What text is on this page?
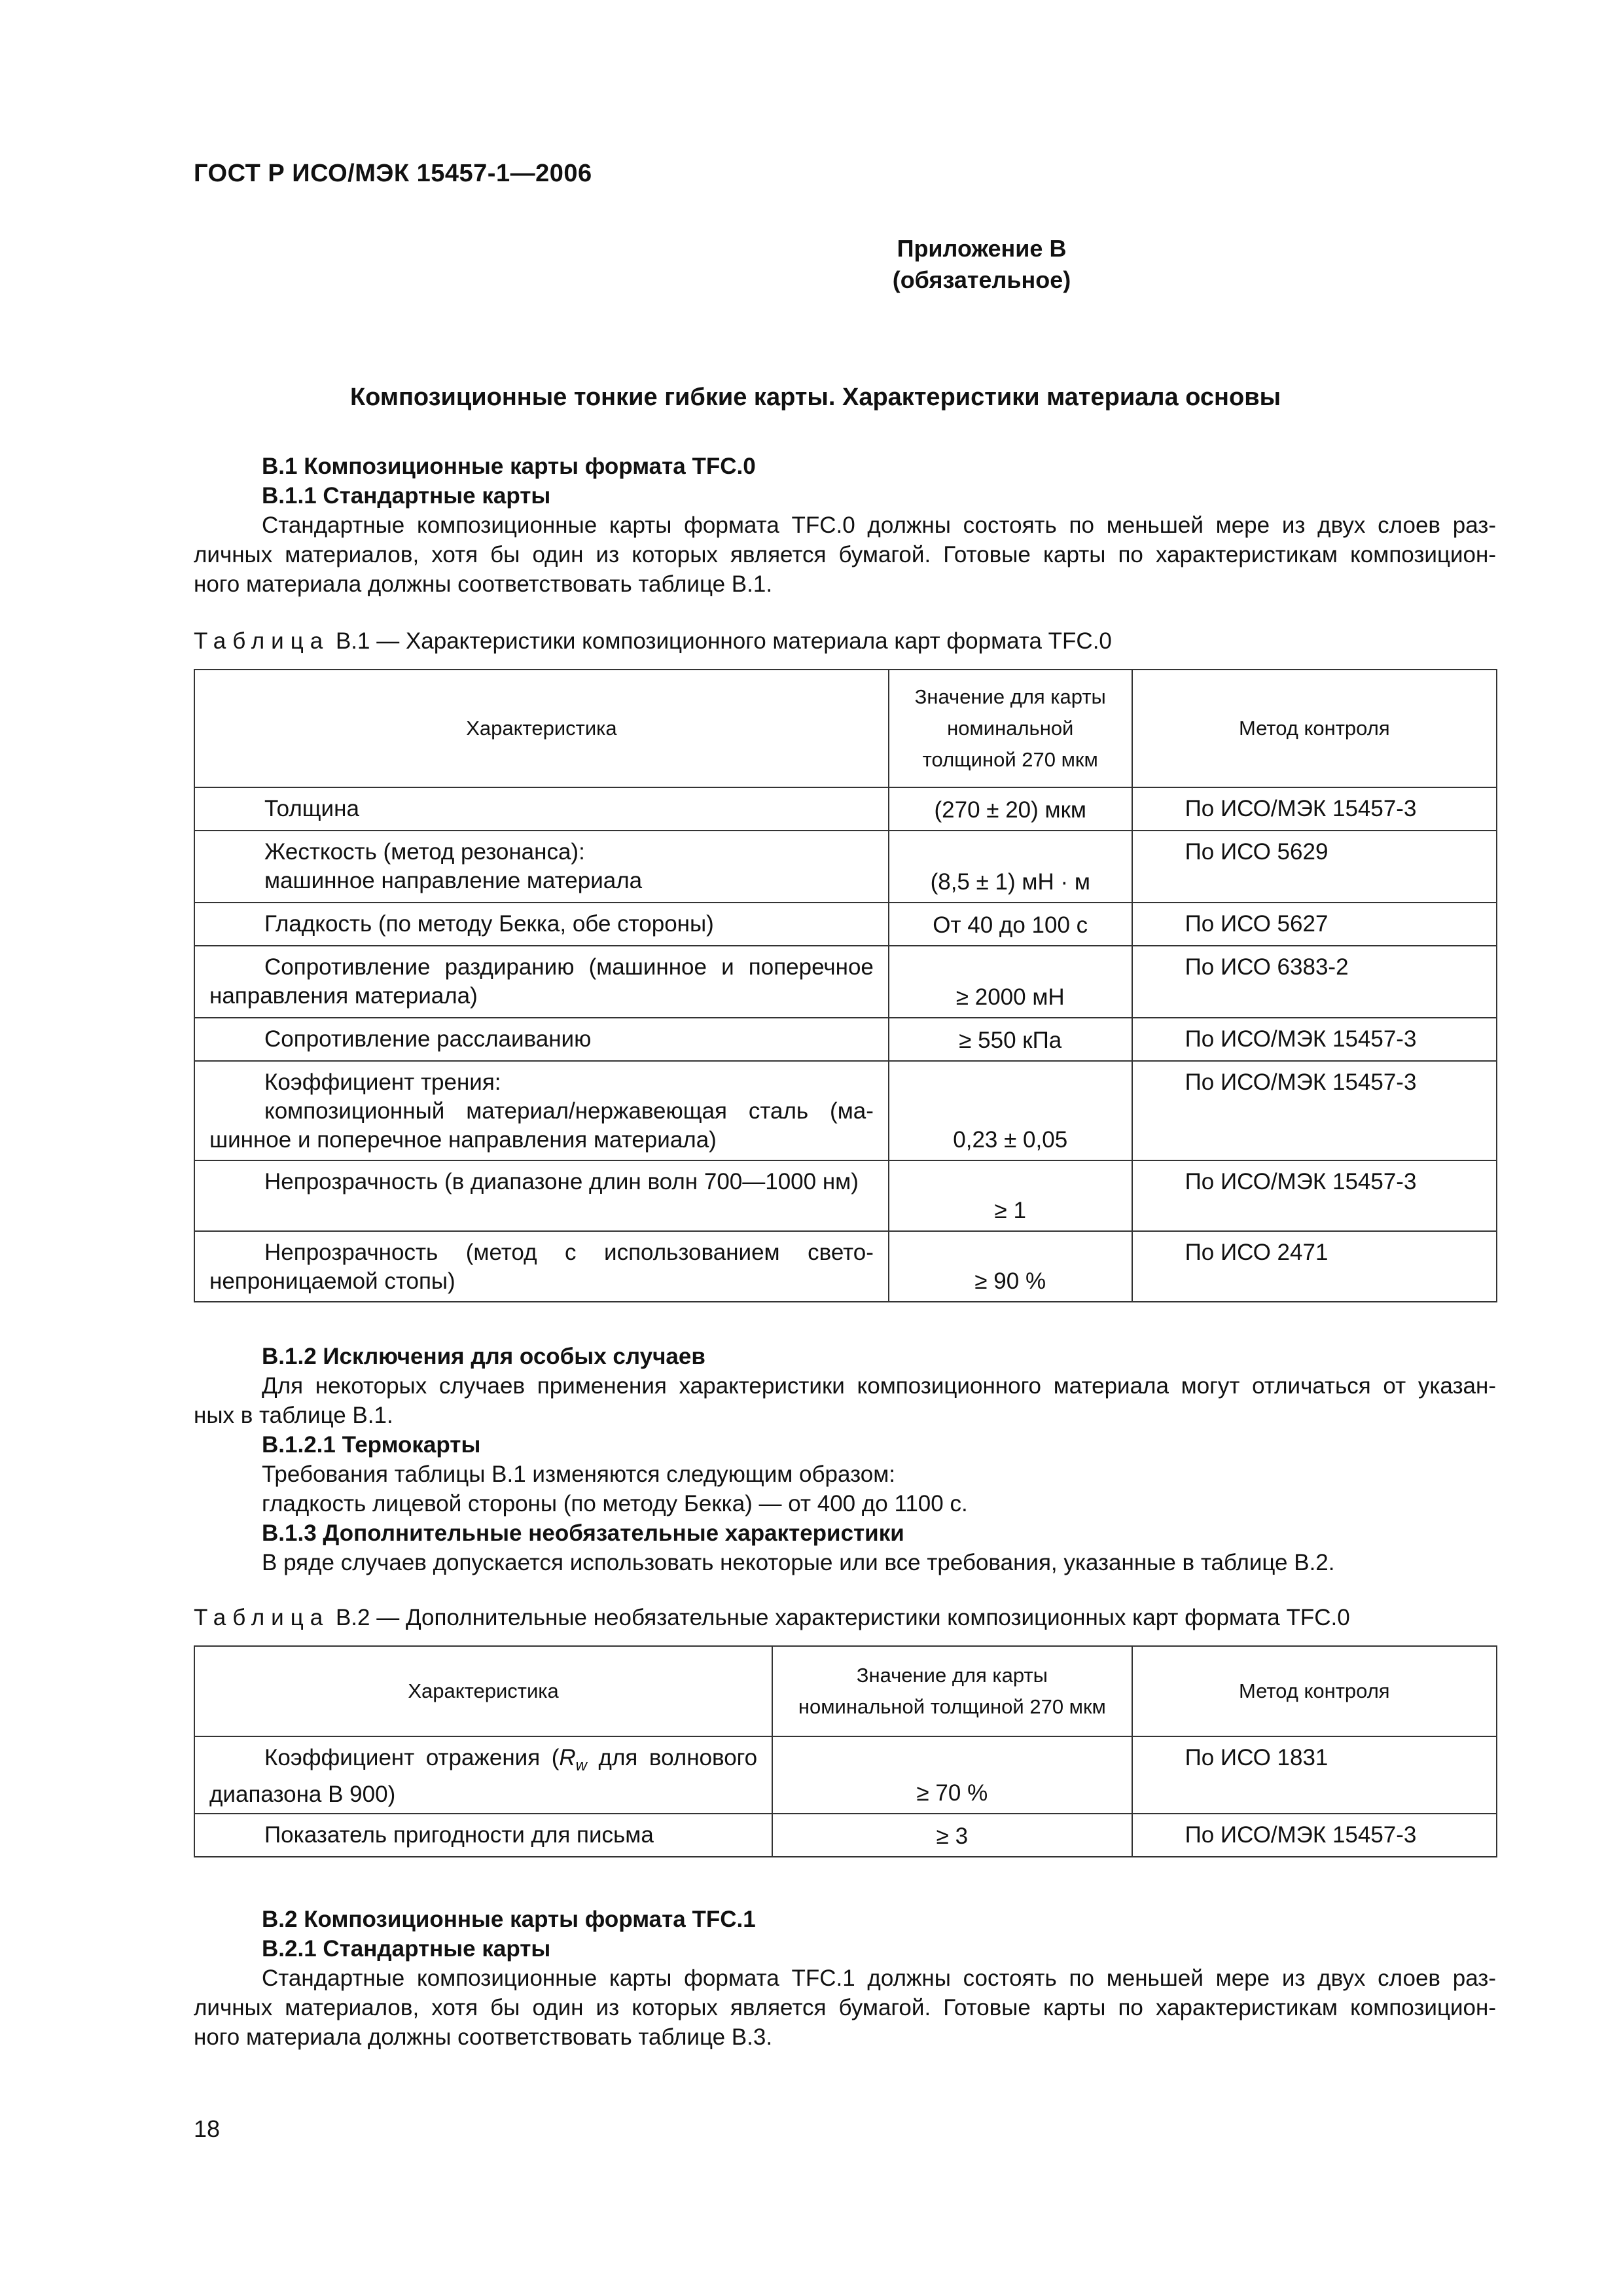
ГОСТ Р ИСО/МЭК 15457-1—2006
Приложение В
(обязательное)
Композиционные тонкие гибкие карты. Характеристики материала основы
В.1 Композиционные карты формата TFC.0
В.1.1 Стандартные карты
Стандартные композиционные карты формата TFC.0 должны состоять по меньшей мере из двух слоев раз-
личных материалов, хотя бы один из которых является бумагой. Готовые карты по характеристикам композицион-
ного материала должны соответствовать таблице В.1.
Таблица В.1 — Характеристики композиционного материала карт формата TFC.0
Характеристика	Значение для карты
номинальной
толщиной 270 мкм	Метод контроля

Толщина	(270 ± 20) мкм	По ИСО/МЭК 15457-3

Жесткость (метод резонанса):
машинное направление материала	(8,5 ± 1) мН · м	По ИСО 5629

Гладкость (по методу Бекка, обе стороны)	От 40 до 100 с	По ИСО 5627

Сопротивление раздиранию (машинное и поперечное
направления материала)	≥ 2000 мН	По ИСО 6383-2

Сопротивление расслаиванию	≥ 550 кПа	По ИСО/МЭК 15457-3

Коэффициент трения:
композиционный материал/нержавеющая сталь (ма-
шинное и поперечное направления материала)	0,23 ± 0,05	По ИСО/МЭК 15457-3

Непрозрачность (в диапазоне длин волн 700—1000 нм)	≥ 1	По ИСО/МЭК 15457-3

Непрозрачность (метод с использованием свето-
непроницаемой стопы)	≥ 90 %	По ИСО 2471
В.1.2 Исключения для особых случаев
Для некоторых случаев применения характеристики композиционного материала могут отличаться от указан-
ных в таблице В.1.
В.1.2.1 Термокарты
Требования таблицы В.1 изменяются следующим образом:
гладкость лицевой стороны (по методу Бекка) — от 400 до 1100 с.
В.1.3 Дополнительные необязательные характеристики
В ряде случаев допускается использовать некоторые или все требования, указанные в таблице В.2.
Таблица В.2 — Дополнительные необязательные характеристики композиционных карт формата TFC.0
Характеристика	Значение для карты
номинальной толщиной 270 мкм	Метод контроля

Коэффициент отражения ($R_w$ для волнового
диапазона В 900)	≥ 70 %	По ИСО 1831

Показатель пригодности для письма	≥ 3	По ИСО/МЭК 15457-3
В.2 Композиционные карты формата TFC.1
В.2.1 Стандартные карты
Стандартные композиционные карты формата TFC.1 должны состоять по меньшей мере из двух слоев раз-
личных материалов, хотя бы один из которых является бумагой. Готовые карты по характеристикам композицион-
ного материала должны соответствовать таблице В.3.
18
